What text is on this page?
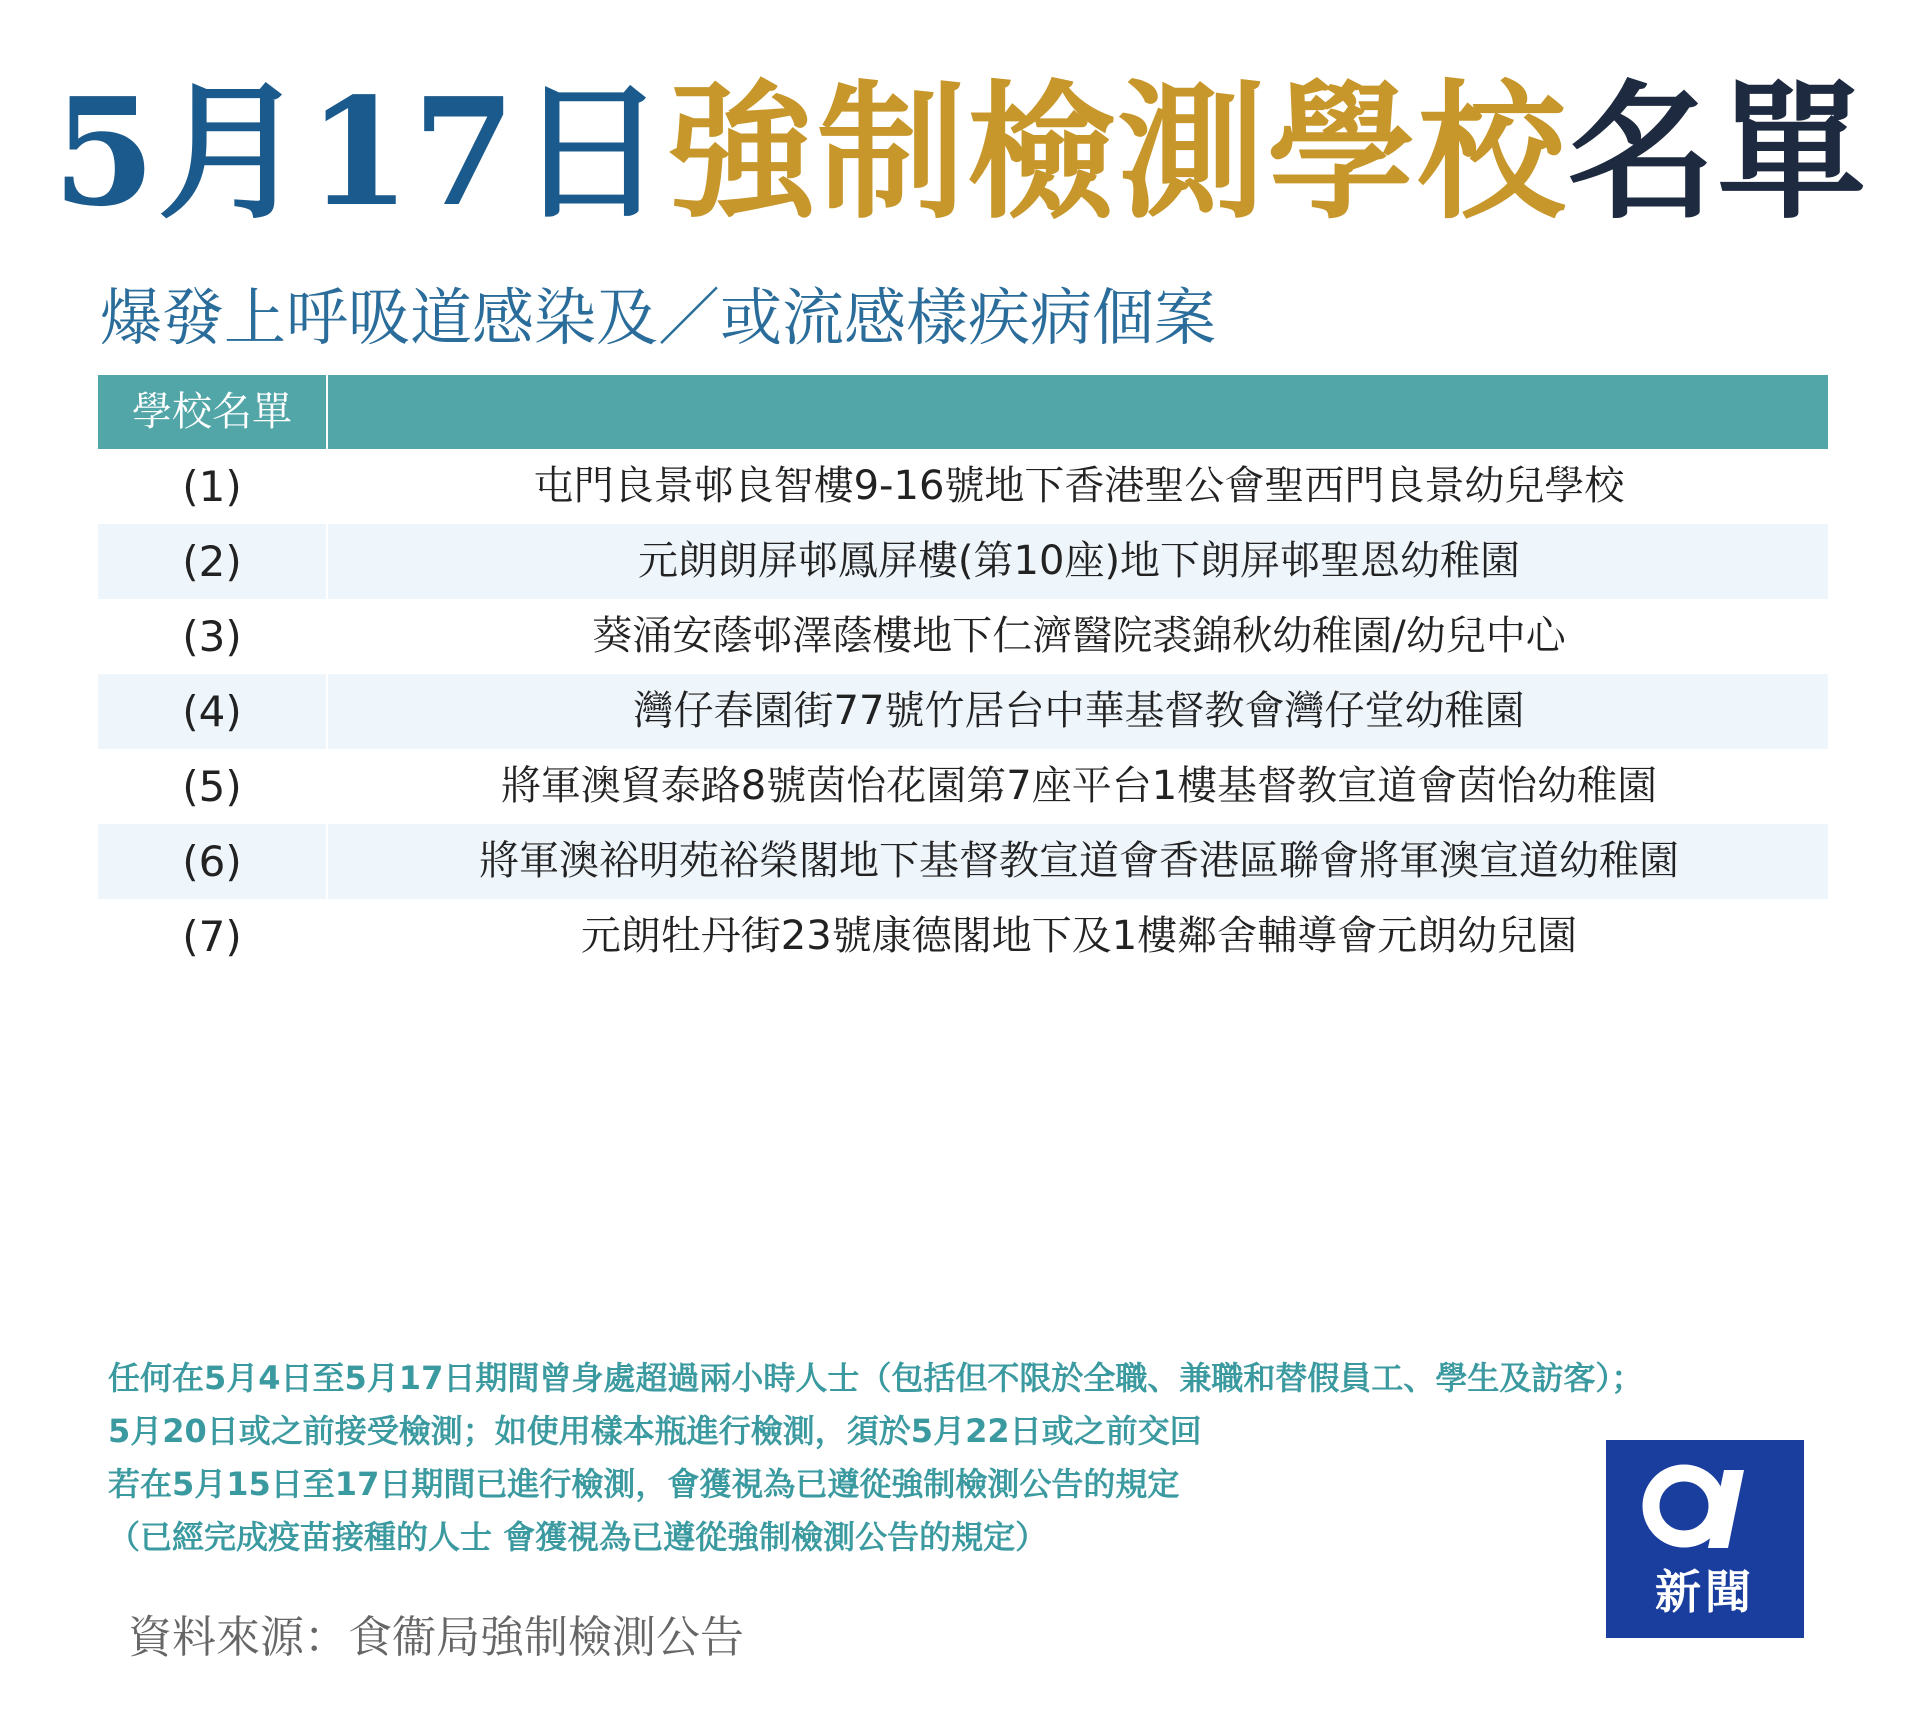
5月17日強制檢測學校名單
爆發上呼吸道感染及／或流感樣疾病個案
學校名單
(1)	屯門良景邨良智樓9-16號地下香港聖公會聖西門良景幼兒學校
(2)	元朗朗屏邨鳳屏樓(第10座)地下朗屏邨聖恩幼稚園
(3)	葵涌安蔭邨澤蔭樓地下仁濟醫院裘錦秋幼稚園/幼兒中心
(4)	灣仔春園街77號竹居台中華基督教會灣仔堂幼稚園
(5)	將軍澳貿泰路8號茵怡花園第7座平台1樓基督教宣道會茵怡幼稚園
(6)	將軍澳裕明苑裕榮閣地下基督教宣道會香港區聯會將軍澳宣道幼稚園
(7)	元朗牡丹街23號康德閣地下及1樓鄰舍輔導會元朗幼兒園
任何在5月4日至5月17日期間曾身處超過兩小時人士（包括但不限於全職、兼職和替假員工、學生及訪客）；
5月20日或之前接受檢測；如使用樣本瓶進行檢測，須於5月22日或之前交回
若在5月15日至17日期間已進行檢測，會獲視為已遵從強制檢測公告的規定
（已經完成疫苗接種的人士 會獲視為已遵從強制檢測公告的規定）
資料來源：食衞局強制檢測公告
新聞
